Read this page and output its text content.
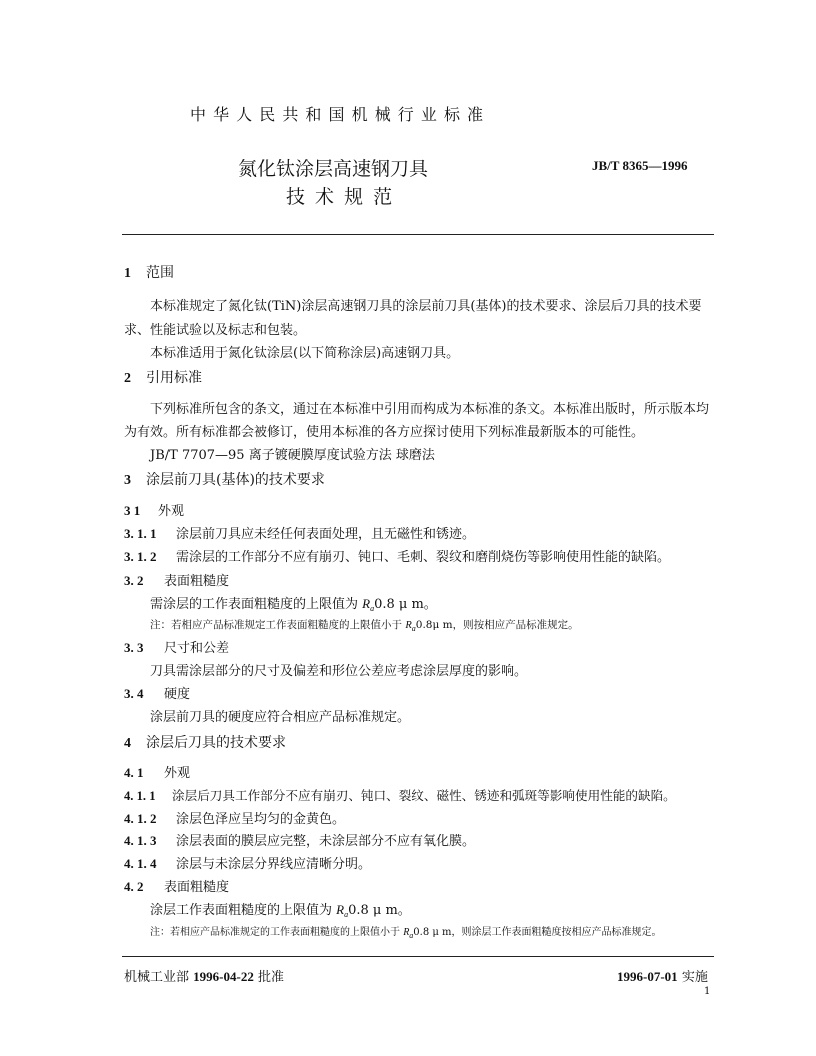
中 华 人 民 共 和 国 机 械 行 业 标 准
氮化钛涂层高速钢刀具
技 术 规 范
JB/T 8365—1996
1 范围
本标准规定了氮化钛(TiN)涂层高速钢刀具的涂层前刀具(基体)的技术要求、涂层后刀具的技术要
求、性能试验以及标志和包装。
本标准适用于氮化钛涂层(以下简称涂层)高速钢刀具。
2 引用标准
下列标准所包含的条文，通过在本标准中引用而构成为本标准的条文。本标准出版时，所示版本均
为有效。所有标准都会被修订，使用本标准的各方应探讨使用下列标准最新版本的可能性。
JB/T 7707—95 离子镀硬膜厚度试验方法 球磨法
3 涂层前刀具(基体)的技术要求
3 1 外观
3. 1. 1 涂层前刀具应未经任何表面处理，且无磁性和锈迹。
3. 1. 2 需涂层的工作部分不应有崩刃、钝口、毛刺、裂纹和磨削烧伤等影响使用性能的缺陷。
3. 2 表面粗糙度
需涂层的工作表面粗糙度的上限值为 $R_a0.8$ μ m。
注：若相应产品标准规定工作表面粗糙度的上限值小于 $R_a0.8\mu$ m，则按相应产品标准规定。
3. 3 尺寸和公差
刀具需涂层部分的尺寸及偏差和形位公差应考虑涂层厚度的影响。
3. 4 硬度
涂层前刀具的硬度应符合相应产品标准规定。
4 涂层后刀具的技术要求
4. 1 外观
4. 1. 1 涂层后刀具工作部分不应有崩刃、钝口、裂纹、磁性、锈迹和弧斑等影响使用性能的缺陷。
4. 1. 2 涂层色泽应呈均匀的金黄色。
4. 1. 3 涂层表面的膜层应完整，未涂层部分不应有氧化膜。
4. 1. 4 涂层与未涂层分界线应清晰分明。
4. 2 表面粗糙度
涂层工作表面粗糙度的上限值为 $R_a0.8$ μ m。
注：若相应产品标准规定的工作表面粗糙度的上限值小于 $R_a0.8$ μ m，则涂层工作表面粗糙度按相应产品标准规定。
机械工业部 1996-04-22 批准	1996-07-01 实施
1
